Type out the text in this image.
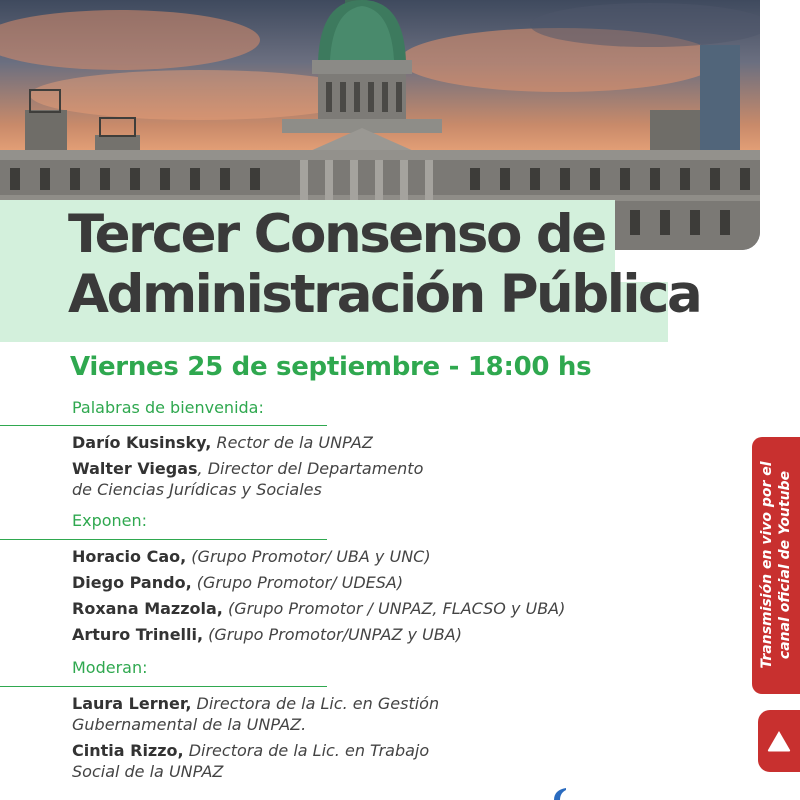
Tercer Consenso de
Administración Pública
Viernes 25 de septiembre - 18:00 hs
Palabras de bienvenida:
Darío Kusinsky, Rector de la UNPAZ
Walter Viegas, Director del Departamento
de Ciencias Jurídicas y Sociales
Exponen:
Horacio Cao, (Grupo Promotor/ UBA y UNC)
Diego Pando, (Grupo Promotor/ UDESA)
Roxana Mazzola, (Grupo Promotor / UNPAZ, FLACSO y UBA)
Arturo Trinelli, (Grupo Promotor/UNPAZ y UBA)
Moderan:
Laura Lerner, Directora de la Lic. en Gestión
Gubernamental de la UNPAZ.
Cintia Rizzo, Directora de la Lic. en Trabajo
Social de la UNPAZ
Transmisión en vivo por el canal oficial de Youtube
